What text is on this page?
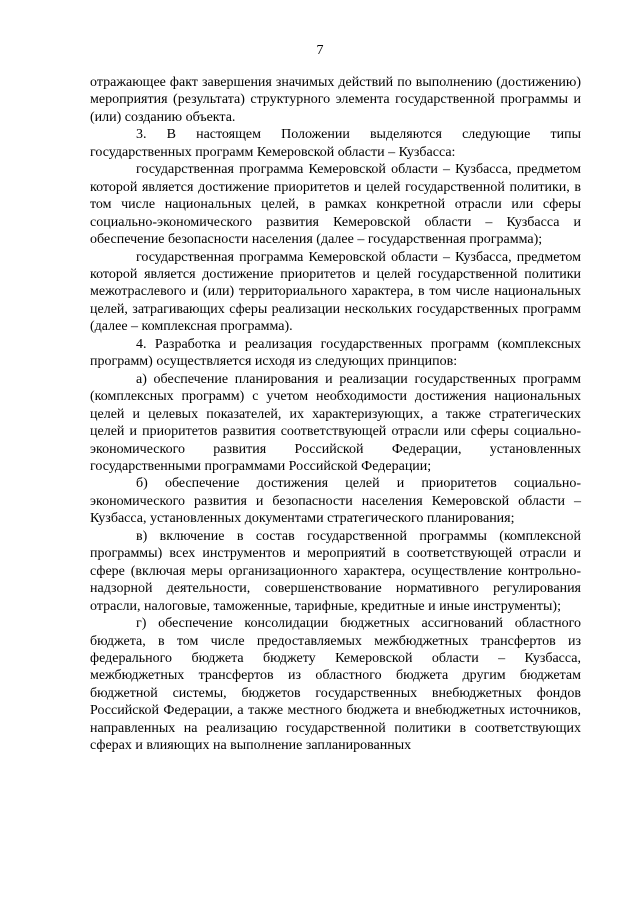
7

отражающее факт завершения значимых действий по выполнению (достижению) мероприятия (результата) структурного элемента государственной программы и (или) созданию объекта.

3. В настоящем Положении выделяются следующие типы государственных программ Кемеровской области – Кузбасса:

государственная программа Кемеровской области – Кузбасса, предметом которой является достижение приоритетов и целей государственной политики, в том числе национальных целей, в рамках конкретной отрасли или сферы социально-экономического развития Кемеровской области – Кузбасса и обеспечение безопасности населения (далее – государственная программа);

государственная программа Кемеровской области – Кузбасса, предметом которой является достижение приоритетов и целей государственной политики межотраслевого и (или) территориального характера, в том числе национальных целей, затрагивающих сферы реализации нескольких государственных программ (далее – комплексная программа).

4. Разработка и реализация государственных программ (комплексных программ) осуществляется исходя из следующих принципов:

а) обеспечение планирования и реализации государственных программ (комплексных программ) с учетом необходимости достижения национальных целей и целевых показателей, их характеризующих, а также стратегических целей и приоритетов развития соответствующей отрасли или сферы социально-экономического развития Российской Федерации, установленных государственными программами Российской Федерации;

б) обеспечение достижения целей и приоритетов социально-экономического развития и безопасности населения Кемеровской области – Кузбасса, установленных документами стратегического планирования;

в) включение в состав государственной программы (комплексной программы) всех инструментов и мероприятий в соответствующей отрасли и сфере (включая меры организационного характера, осуществление контрольно-надзорной деятельности, совершенствование нормативного регулирования отрасли, налоговые, таможенные, тарифные, кредитные и иные инструменты);

г) обеспечение консолидации бюджетных ассигнований областного бюджета, в том числе предоставляемых межбюджетных трансфертов из федерального бюджета бюджету Кемеровской области – Кузбасса, межбюджетных трансфертов из областного бюджета другим бюджетам бюджетной системы, бюджетов государственных внебюджетных фондов Российской Федерации, а также местного бюджета и внебюджетных источников, направленных на реализацию государственной политики в соответствующих сферах и влияющих на выполнение запланированных
